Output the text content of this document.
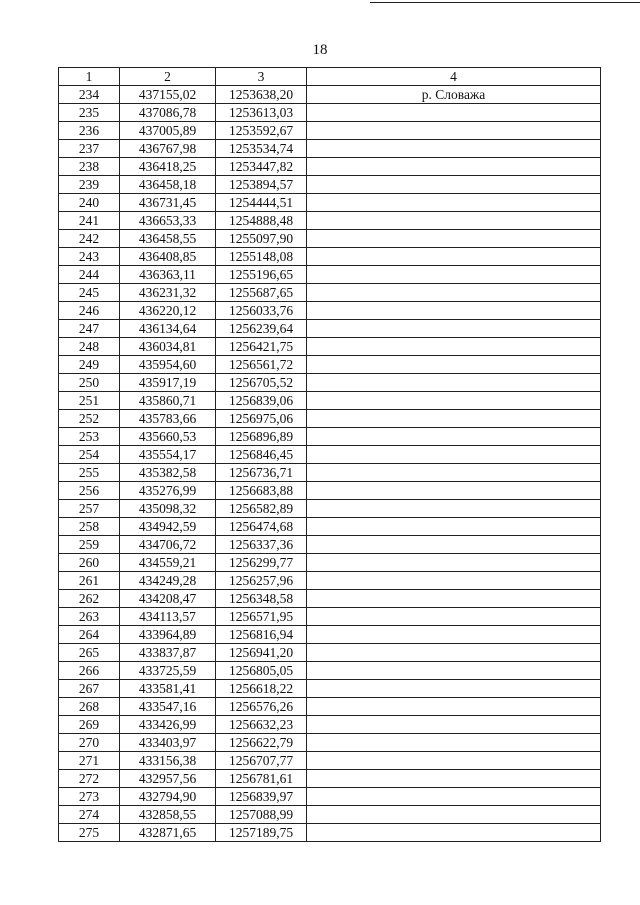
18
1	2	3	4
234	437155,02	1253638,20	р. Словажа
235	437086,78	1253613,03	
236	437005,89	1253592,67	
237	436767,98	1253534,74	
238	436418,25	1253447,82	
239	436458,18	1253894,57	
240	436731,45	1254444,51	
241	436653,33	1254888,48	
242	436458,55	1255097,90	
243	436408,85	1255148,08	
244	436363,11	1255196,65	
245	436231,32	1255687,65	
246	436220,12	1256033,76	
247	436134,64	1256239,64	
248	436034,81	1256421,75	
249	435954,60	1256561,72	
250	435917,19	1256705,52	
251	435860,71	1256839,06	
252	435783,66	1256975,06	
253	435660,53	1256896,89	
254	435554,17	1256846,45	
255	435382,58	1256736,71	
256	435276,99	1256683,88	
257	435098,32	1256582,89	
258	434942,59	1256474,68	
259	434706,72	1256337,36	
260	434559,21	1256299,77	
261	434249,28	1256257,96	
262	434208,47	1256348,58	
263	434113,57	1256571,95	
264	433964,89	1256816,94	
265	433837,87	1256941,20	
266	433725,59	1256805,05	
267	433581,41	1256618,22	
268	433547,16	1256576,26	
269	433426,99	1256632,23	
270	433403,97	1256622,79	
271	433156,38	1256707,77	
272	432957,56	1256781,61	
273	432794,90	1256839,97	
274	432858,55	1257088,99	
275	432871,65	1257189,75	
